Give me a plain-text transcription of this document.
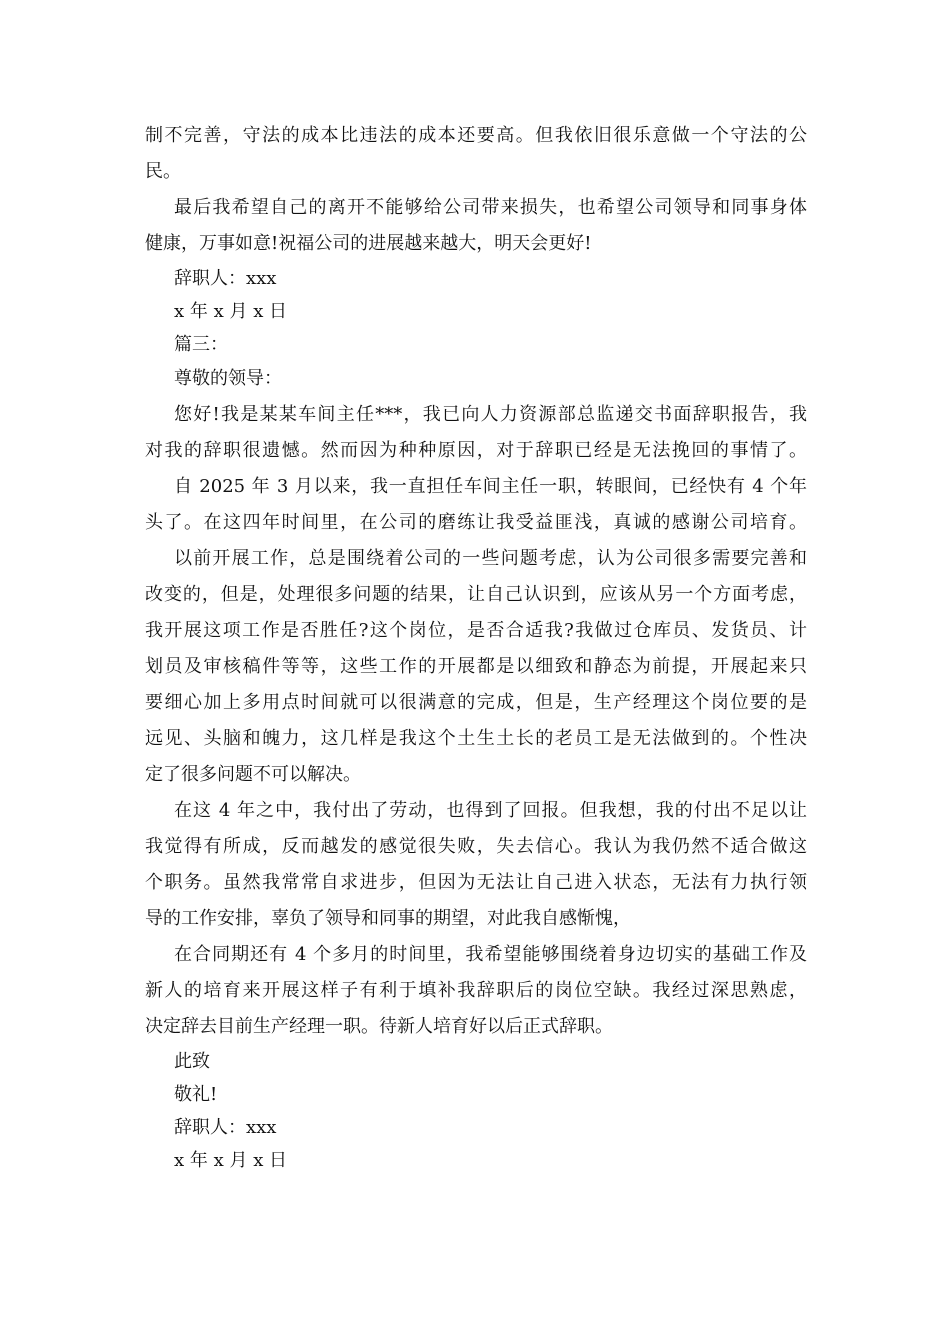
制不完善，守法的成本比违法的成本还要高。但我依旧很乐意做一个守法的公
民。
最后我希望自己的离开不能够给公司带来损失，也希望公司领导和同事身体
健康，万事如意!祝福公司的进展越来越大，明天会更好!
辞职人：xxx
x 年 x 月 x 日
篇三：
尊敬的领导：
您好!我是某某车间主任***，我已向人力资源部总监递交书面辞职报告，我
对我的辞职很遗憾。然而因为种种原因，对于辞职已经是无法挽回的事情了。
自 2025 年 3 月以来，我一直担任车间主任一职，转眼间，已经快有 4 个年
头了。在这四年时间里，在公司的磨练让我受益匪浅，真诚的感谢公司培育。
以前开展工作，总是围绕着公司的一些问题考虑，认为公司很多需要完善和
改变的，但是，处理很多问题的结果，让自己认识到，应该从另一个方面考虑，
我开展这项工作是否胜任?这个岗位，是否合适我?我做过仓库员、发货员、计
划员及审核稿件等等，这些工作的开展都是以细致和静态为前提，开展起来只
要细心加上多用点时间就可以很满意的完成，但是，生产经理这个岗位要的是
远见、头脑和魄力，这几样是我这个土生土长的老员工是无法做到的。个性决
定了很多问题不可以解决。
在这 4 年之中，我付出了劳动，也得到了回报。但我想，我的付出不足以让
我觉得有所成，反而越发的感觉很失败，失去信心。我认为我仍然不适合做这
个职务。虽然我常常自求进步，但因为无法让自己进入状态，无法有力执行领
导的工作安排，辜负了领导和同事的期望，对此我自感惭愧，
在合同期还有 4 个多月的时间里，我希望能够围绕着身边切实的基础工作及
新人的培育来开展这样子有利于填补我辞职后的岗位空缺。我经过深思熟虑，
决定辞去目前生产经理一职。待新人培育好以后正式辞职。
此致
敬礼!
辞职人：xxx
x 年 x 月 x 日
